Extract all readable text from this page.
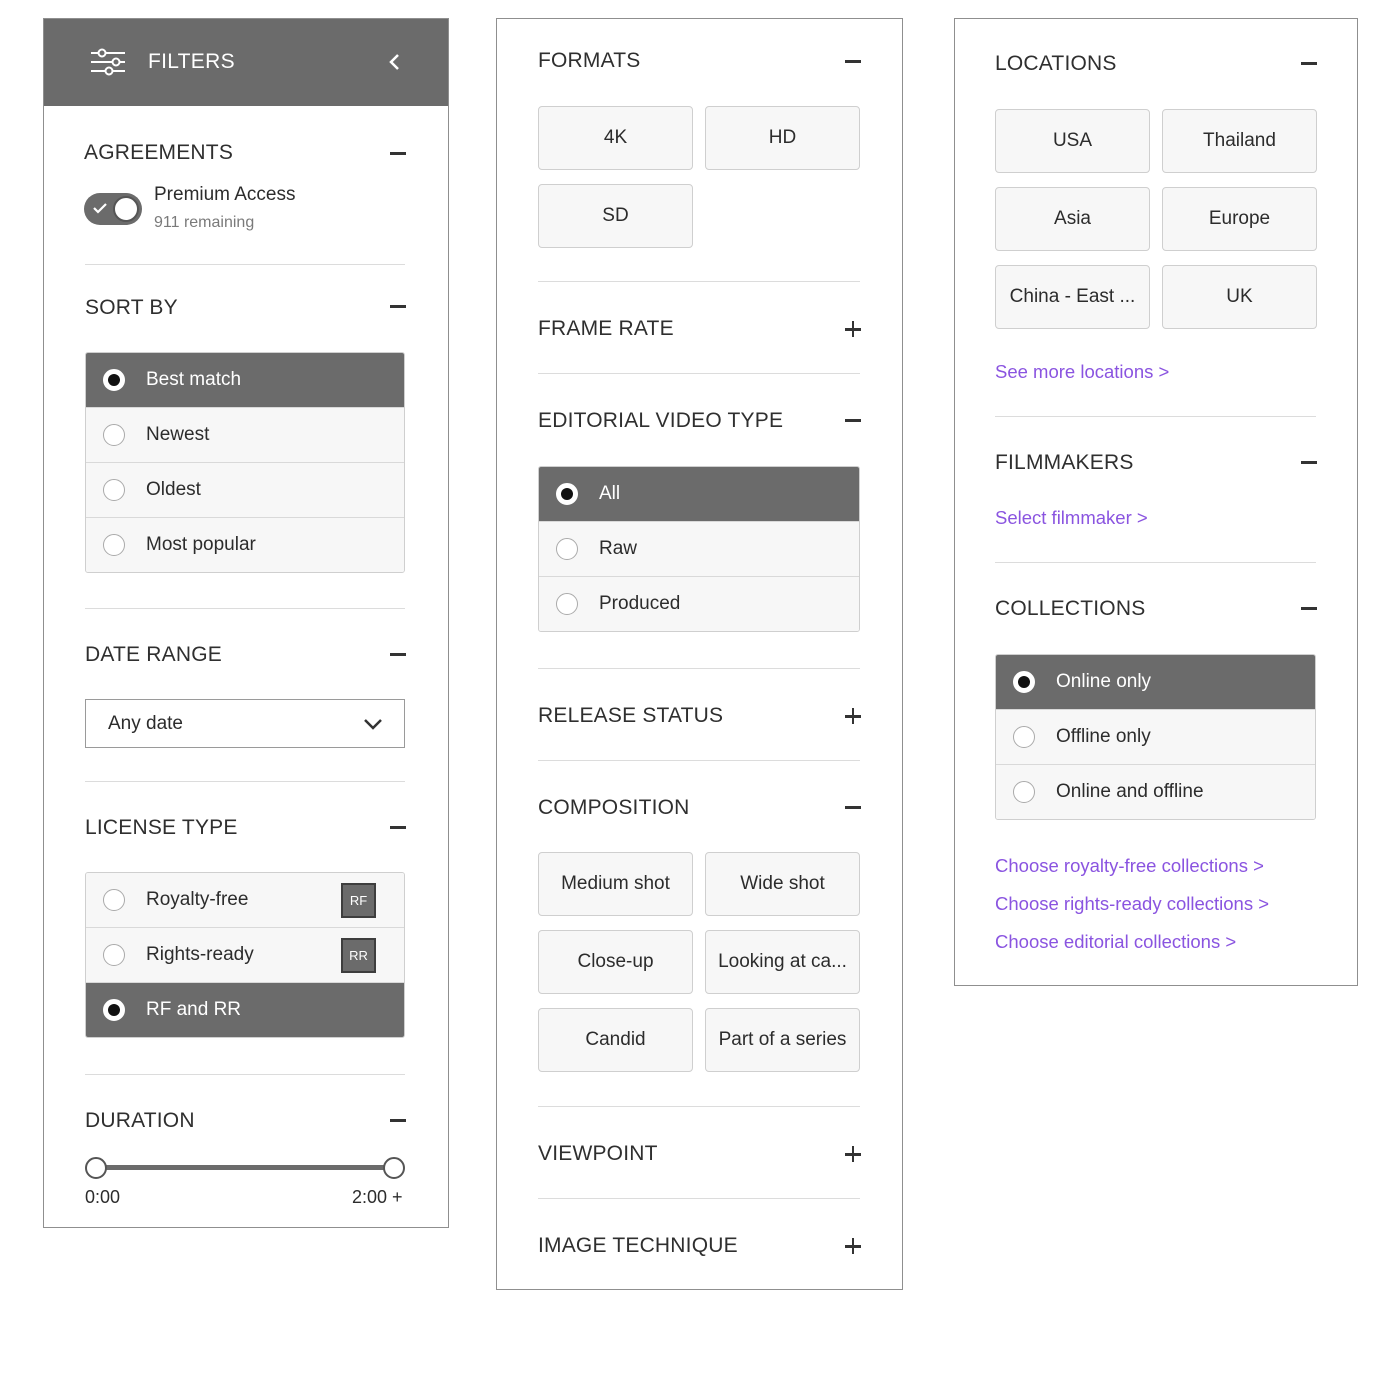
FILTERS
AGREEMENTS
Premium Access
911 remaining
SORT BY
Best match
Newest
Oldest
Most popular
DATE RANGE
Any date
LICENSE TYPE
Royalty-free	RF
Rights-ready	RR
RF and RR
DURATION
0:00	2:00 +
FORMATS
4K	HD
SD
FRAME RATE
EDITORIAL VIDEO TYPE
All
Raw
Produced
RELEASE STATUS
COMPOSITION
Medium shot	Wide shot
Close-up	Looking at ca...
Candid	Part of a series
VIEWPOINT
IMAGE TECHNIQUE
LOCATIONS
USA	Thailand
Asia	Europe
China - East ...	UK
See more locations >
FILMMAKERS
Select filmmaker >
COLLECTIONS
Online only
Offline only
Online and offline
Choose royalty-free collections >
Choose rights-ready collections >
Choose editorial collections >
